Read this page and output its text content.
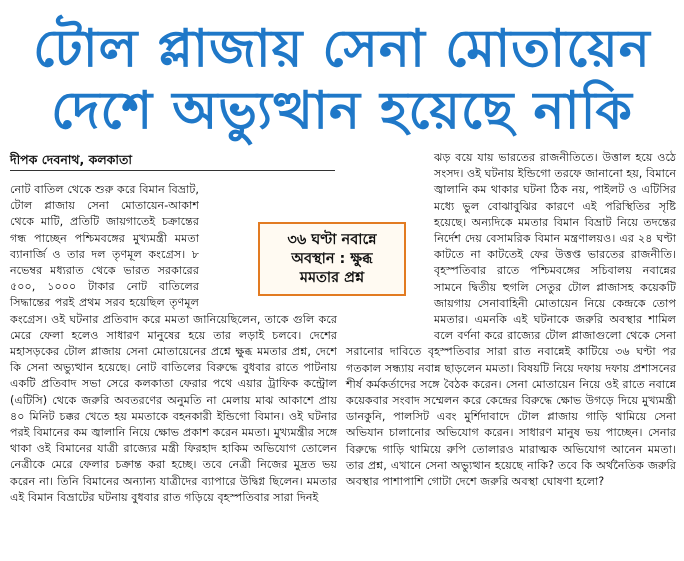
টোল প্লাজায় সেনা মোতায়েন
দেশে অভ্যুত্থান হয়েছে নাকি
দীপক দেবনাথ, কলকাতা

নোট বাতিল থেকে শুরু করে বিমান বিভ্রাট, টোল প্লাজায় সেনা মোতায়েন-আকাশ থেকে মাটি, প্রতিটি জায়গাতেই চক্রান্তের গন্ধ পাচ্ছেন পশ্চিমবঙ্গের মুখ্যমন্ত্রী মমতা ব্যানার্জি ও তার দল তৃণমূল কংগ্রেস। ৮ নভেম্বর মধ্যরাত থেকে ভারত সরকারের ৫০০, ১০০০ টাকার নোট বাতিলের সিদ্ধান্তের পরই প্রথম সরব হয়েছিল তৃণমূল কংগ্রেস। ওই ঘটনার প্রতিবাদ করে মমতা জানিয়েছিলেন, তাকে গুলি করে মেরে ফেলা হলেও সাধারণ মানুষের হয়ে তার লড়াই চলবে। দেশের মহাসড়কের টোল প্লাজায় সেনা মোতায়েনের প্রশ্নে ক্ষুব্ধ মমতার প্রশ্ন, দেশে কি সেনা অভ্যুত্থান হয়েছে। নোট বাতিলের বিরুদ্ধে বুধবার রাতে পাটনায় একটি প্রতিবাদ সভা সেরে কলকাতা ফেরার পথে এয়ার ট্রাফিক কন্ট্রোল (এটিসি) থেকে জরুরি অবতরণের অনুমতি না মেলায় মাঝ আকাশে প্রায় ৪০ মিনিট চক্কর খেতে হয় মমতাকে বহনকারী ইন্ডিগো বিমান। ওই ঘটনার পরই বিমানের কম জ্বালানি নিয়ে ক্ষোভ প্রকাশ করেন মমতা। মুখ্যমন্ত্রীর সঙ্গে থাকা ওই বিমানের যাত্রী রাজ্যের মন্ত্রী ফিরহাদ হাকিম অভিযোগ তোলেন নেত্রীকে মেরে ফেলার চক্রান্ত করা হচ্ছে। তবে নেত্রী নিজের মুদ্রত ভয় করেন না। তিনি বিমানের অন্যান্য যাত্রীদের ব্যাপারে উদ্বিগ্ন ছিলেন। মমতার এই বিমান বিভ্রাটের ঘটনায় বুধবার রাত গড়িয়ে বৃহস্পতিবার সারা দিনই

ঝড় বয়ে যায় ভারতের রাজনীতিতে। উত্তাল হয়ে ওঠে সংসদ। ওই ঘটনায় ইন্ডিগো তরফে জানানো হয়, বিমানে জ্বালানি কম থাকার ঘটনা ঠিক নয়, পাইলট ও এটিসির মধ্যে ভুল বোঝাবুঝির কারণে এই পরিস্থিতির সৃষ্টি হয়েছে। অন্যদিকে মমতার বিমান বিভ্রাট নিয়ে তদন্তের নির্দেশ দেয় বেসামরিক বিমান মন্ত্রণালয়ও। এর ২৪ ঘণ্টা কাটতে না কাটতেই ফের উত্তপ্ত ভারতের রাজনীতি। বৃহস্পতিবার রাতে পশ্চিমবঙ্গের সচিবালয় নবান্নের সামনে দ্বিতীয় হুগলি সেতুর টোল প্লাজাসহ কয়েকটি জায়গায় সেনাবাহিনী মোতায়েন নিয়ে কেন্দ্রকে তোপ মমতার। এমনকি এই ঘটনাকে জরুরি অবস্থার শামিল বলে বর্ণনা করে রাজ্যের টোল প্লাজাগুলো থেকে সেনা সরানোর দাবিতে বৃহস্পতিবার সারা রাত নবান্নেই কাটিয়ে ৩৬ ঘণ্টা পর গতকাল সন্ধ্যায় নবান্ন ছাড়লেন মমতা। বিষয়টি নিয়ে দফায় দফায় প্রশাসনের শীর্ষ কর্মকর্তাদের সঙ্গে বৈঠক করেন। সেনা মোতায়েন নিয়ে ওই রাতে নবান্নে কয়েকবার সংবাদ সম্মেলন করে কেন্দ্রের বিরুদ্ধে ক্ষোভ উগড়ে দিয়ে মুখ্যমন্ত্রী ডানকুনি, পালসিট এবং মুর্শিদাবাদে টোল প্লাজায় গাড়ি থামিয়ে সেনা অভিযান চালানোর অভিযোগ করেন। সাধারণ মানুষ ভয় পাচ্ছেন। সেনার বিরুদ্ধে গাড়ি থামিয়ে রুপি তোলারও মারাত্মক অভিযোগ আনেন মমতা। তার প্রশ্ন, এখানে সেনা অভ্যুত্থান হয়েছে নাকি? তবে কি অর্থনৈতিক জরুরি অবস্থার পাশাপাশি গোটা দেশে জরুরি অবস্থা ঘোষণা হলো?

৩৬ ঘণ্টা নবান্নে
অবস্থান : ক্ষুব্ধ
মমতার প্রশ্ন
